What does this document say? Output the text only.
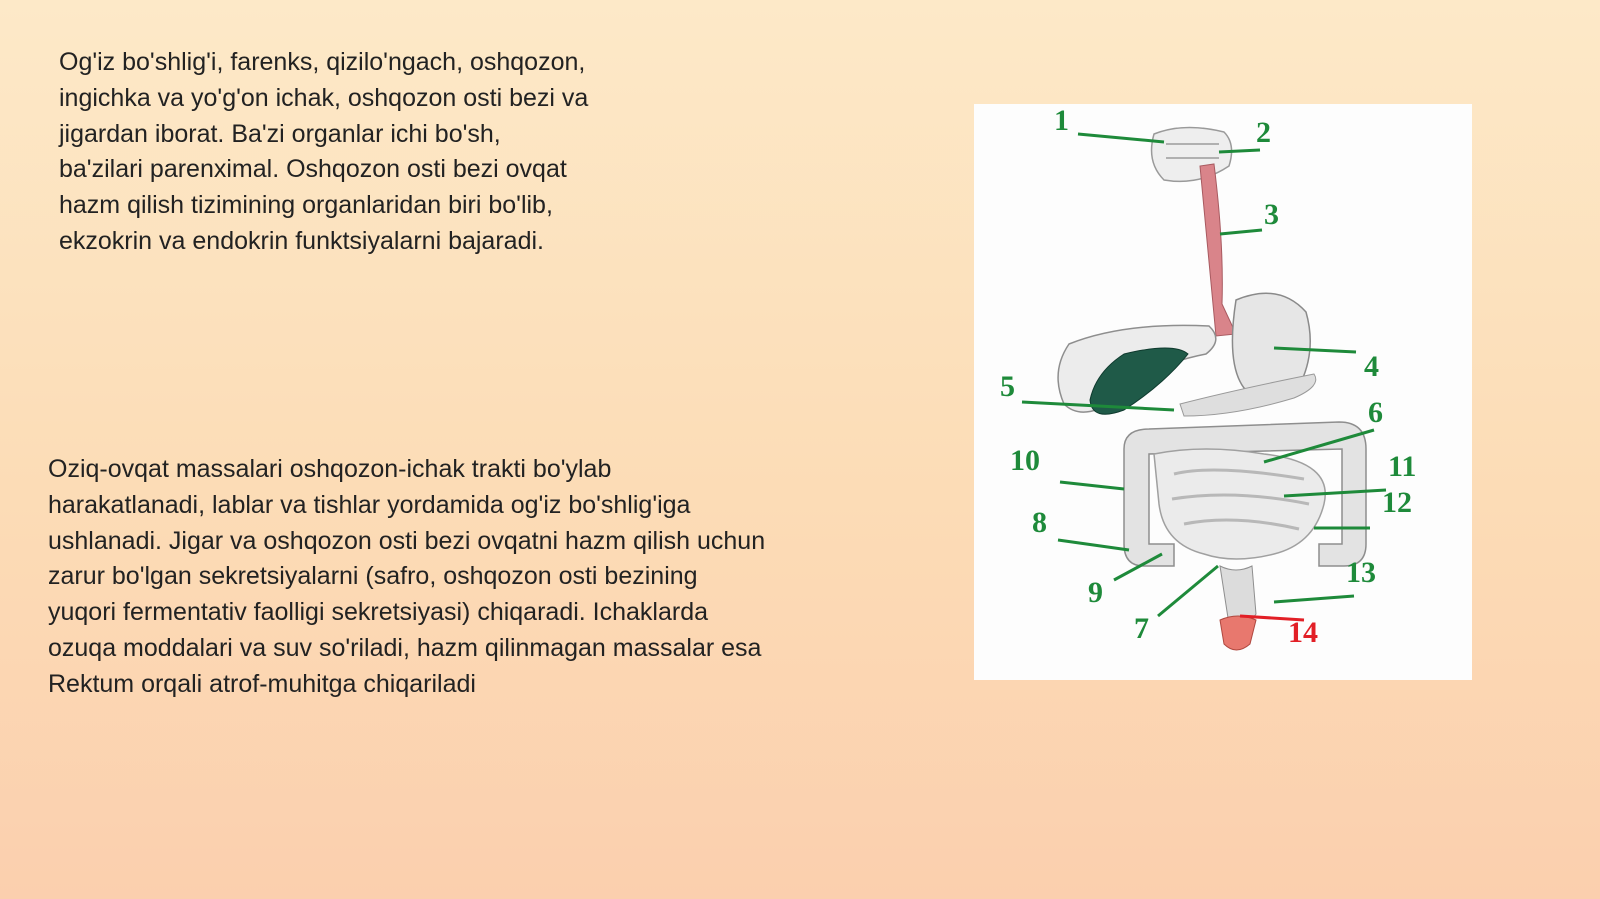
Og'iz bo'shlig'i, farenks, qizilo'ngach, oshqozon,
ingichka va yo'g'on ichak, oshqozon osti bezi va
jigardan iborat. Ba'zi organlar ichi bo'sh,
ba'zilari parenximal. Oshqozon osti bezi ovqat
hazm qilish tizimining organlaridan biri bo'lib,
ekzokrin va endokrin funktsiyalarni bajaradi.

Oziq-ovqat massalari oshqozon-ichak trakti bo'ylab
harakatlanadi, lablar va tishlar yordamida og'iz bo'shlig'iga
ushlanadi. Jigar va oshqozon osti bezi ovqatni hazm qilish uchun
zarur bo'lgan sekretsiyalarni (safro, oshqozon osti bezining
yuqori fermentativ faolligi sekretsiyasi) chiqaradi. Ichaklarda
ozuqa moddalari va suv so'riladi, hazm qilinmagan massalar esa
Rektum orqali atrof-muhitga chiqariladi

1	2
3
4
5
6
10	11
8
12
9
13
7	14
